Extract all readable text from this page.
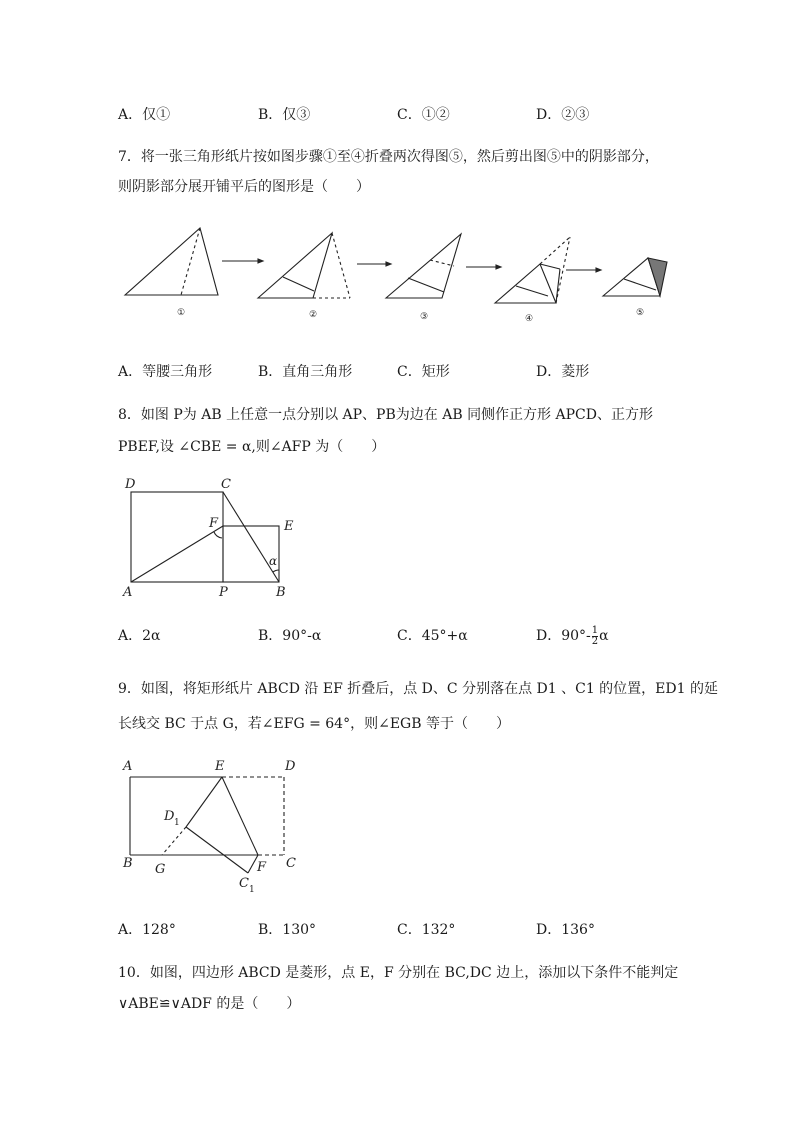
A．仅①	B．仅③	C．①②	D．②③
7．将一张三角形纸片按如图步骤①至④折叠两次得图⑤，然后剪出图⑤中的阴影部分，
则阴影部分展开铺平后的图形是（　　）
①	②	③	④
⑤
A．等腰三角形	B．直角三角形	C．矩形	D．菱形
8．如图 P为 AB 上任意一点分别以 AP、PB为边在 AB 同侧作正方形 APCD、正方形
PBEF,设 ∠CBE = α,则∠AFP 为（　　）
D	C
F	E
A	P	B
α
A．2α	B．90°-α	C．45°+α	D．$90^\circ- \frac{1}{2}$ α
9．如图，将矩形纸片 ABCD 沿 EF 折叠后，点 D、C 分别落在点 D1 、C1 的位置，ED1 的延
长线交 BC 于点 G，若∠EFG = 64°，则∠EGB 等于（　　）
A	E	D
D 1
B G	F C
C 1
A．128°	B．130°	C．132°	D．136°
10．如图，四边形 ABCD 是菱形，点 E，F 分别在 BC,DC 边上，添加以下条件不能判定
∨ABE≌∨ADF 的是（　　）
